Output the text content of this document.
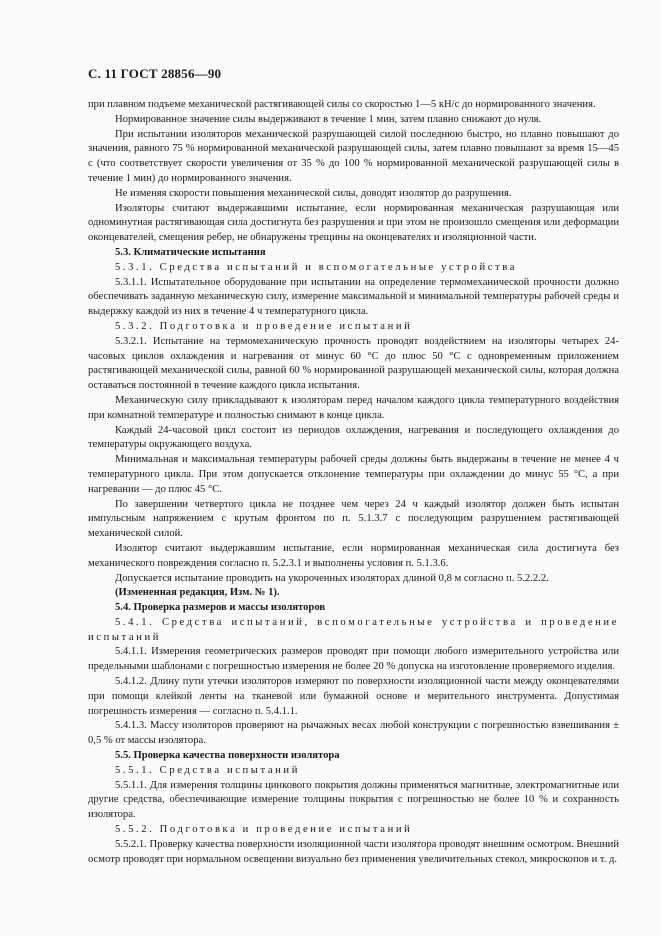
С. 11 ГОСТ 28856—90

при плавном подъеме механической растягивающей силы со скоростью 1—5 кН/с до нормированного значения.

Нормированное значение силы выдерживают в течение 1 мин, затем плавно снижают до нуля.

При испытании изоляторов механической разрушающей силой последнюю быстро, но плавно повышают до значения, равного 75 % нормированной механической разрушающей силы, затем плавно повышают за время 15—45 с (что соответствует скорости увеличения от 35 % до 100 % нормированной механической разрушающей силы в течение 1 мин) до нормированного значения.

Не изменяя скорости повышения механической силы, доводят изолятор до разрушения.

Изоляторы считают выдержавшими испытание, если нормированная механическая разрушающая или одноминутная растягивающая сила достигнута без разрушения и при этом не произошло смещения или деформации оконцевателей, смещения ребер, не обнаружены трещины на оконцевателях и изоляционной части.

5.3. Климатические испытания

5.3.1. Средства испытаний и вспомогательные устройства

5.3.1.1. Испытательное оборудование при испытании на определение термомеханической прочности должно обеспечивать заданную механическую силу, измерение максимальной и минимальной температуры рабочей среды и выдержку каждой из них в течение 4 ч температурного цикла.

5.3.2. Подготовка и проведение испытаний

5.3.2.1. Испытание на термомеханическую прочность проводят воздействием на изоляторы четырех 24-часовых циклов охлаждения и нагревания от минус 60 °С до плюс 50 °С с одновременным приложением растягивающей механической силы, равной 60 % нормированной разрушающей механической силы, которая должна оставаться постоянной в течение каждого цикла испытания.

Механическую силу прикладывают к изоляторам перед началом каждого цикла температурного воздействия при комнатной температуре и полностью снимают в конце цикла.

Каждый 24-часовой цикл состоит из периодов охлаждения, нагревания и последующего охлаждения до температуры окружающего воздуха.

Минимальная и максимальная температуры рабочей среды должны быть выдержаны в течение не менее 4 ч температурного цикла. При этом допускается отклонение температуры при охлаждении до минус 55 °С, а при нагревании — до плюс 45 °С.

По завершении четвертого цикла не позднее чем через 24 ч каждый изолятор должен быть испытан импульсным напряжением с крутым фронтом по п. 5.1.3.7 с последующим разрушением растягивающей механической силой.

Изолятор считают выдержавшим испытание, если нормированная механическая сила достигнута без механического повреждения согласно п. 5.2.3.1 и выполнены условия п. 5.1.3.6.

Допускается испытание проводить на укороченных изоляторах длиной 0,8 м согласно п. 5.2.2.2.

(Измененная редакция, Изм. № 1).

5.4. Проверка размеров и массы изоляторов

5.4.1. Средства испытаний, вспомогательные устройства и проведение испытаний

5.4.1.1. Измерения геометрических размеров проводят при помощи любого измерительного устройства или предельными шаблонами с погрешностью измерения не более 20 % допуска на изготовление проверяемого изделия.

5.4.1.2. Длину пути утечки изоляторов измеряют по поверхности изоляционной части между оконцевателями при помощи клейкой ленты на тканевой или бумажной основе и мерительного инструмента. Допустимая погрешность измерения — согласно п. 5.4.1.1.

5.4.1.3. Массу изоляторов проверяют на рычажных весах любой конструкции с погрешностью взвешивания ± 0,5 % от массы изолятора.

5.5. Проверка качества поверхности изолятора

5.5.1. Средства испытаний

5.5.1.1. Для измерения толщины цинкового покрытия должны применяться магнитные, электромагнитные или другие средства, обеспечивающие измерение толщины покрытия с погрешностью не более 10 % и сохранность изолятора.

5.5.2. Подготовка и проведение испытаний

5.5.2.1. Проверку качества поверхности изоляционной части изолятора проводят внешним осмотром. Внешний осмотр проводят при нормальном освещении визуально без применения увеличительных стекол, микроскопов и т. д.
